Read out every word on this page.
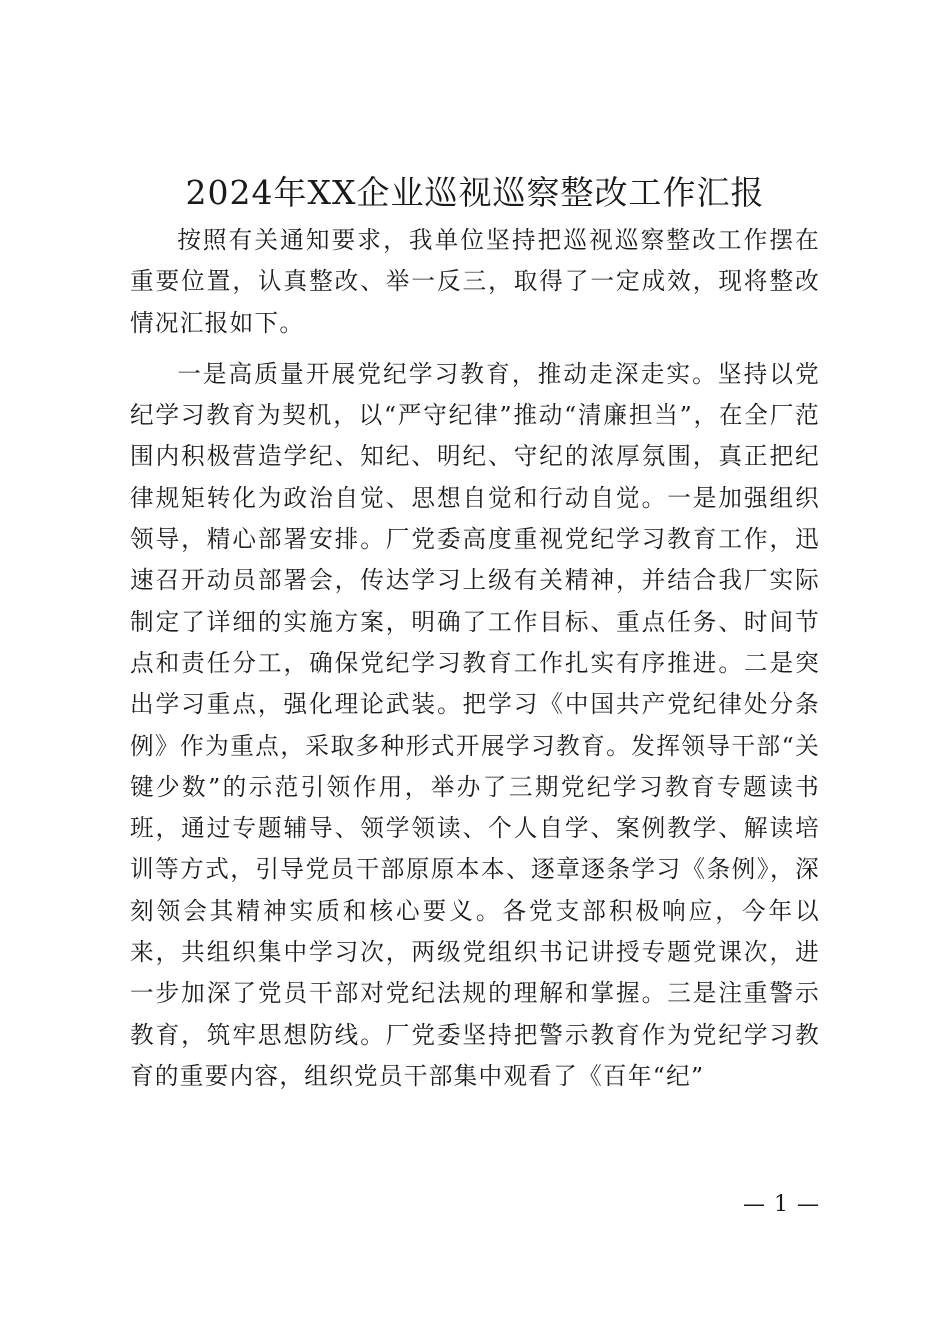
2024年XX企业巡视巡察整改工作汇报

按照有关通知要求，我单位坚持把巡视巡察整改工作摆在重要位置，认真整改、举一反三，取得了一定成效，现将整改情况汇报如下。

一是高质量开展党纪学习教育，推动走深走实。坚持以党纪学习教育为契机，以“严守纪律”推动“清廉担当”，在全厂范围内积极营造学纪、知纪、明纪、守纪的浓厚氛围，真正把纪律规矩转化为政治自觉、思想自觉和行动自觉。一是加强组织领导，精心部署安排。厂党委高度重视党纪学习教育工作，迅速召开动员部署会，传达学习上级有关精神，并结合我厂实际制定了详细的实施方案，明确了工作目标、重点任务、时间节点和责任分工，确保党纪学习教育工作扎实有序推进。二是突出学习重点，强化理论武装。把学习《中国共产党纪律处分条例》作为重点，采取多种形式开展学习教育。发挥领导干部“关键少数”的示范引领作用，举办了三期党纪学习教育专题读书班，通过专题辅导、领学领读、个人自学、案例教学、解读培训等方式，引导党员干部原原本本、逐章逐条学习《条例》，深刻领会其精神实质和核心要义。各党支部积极响应，今年以来，共组织集中学习次，两级党组织书记讲授专题党课次，进一步加深了党员干部对党纪法规的理解和掌握。三是注重警示教育，筑牢思想防线。厂党委坚持把警示教育作为党纪学习教育的重要内容，组织党员干部集中观看了《百年“纪”

— 1 —
